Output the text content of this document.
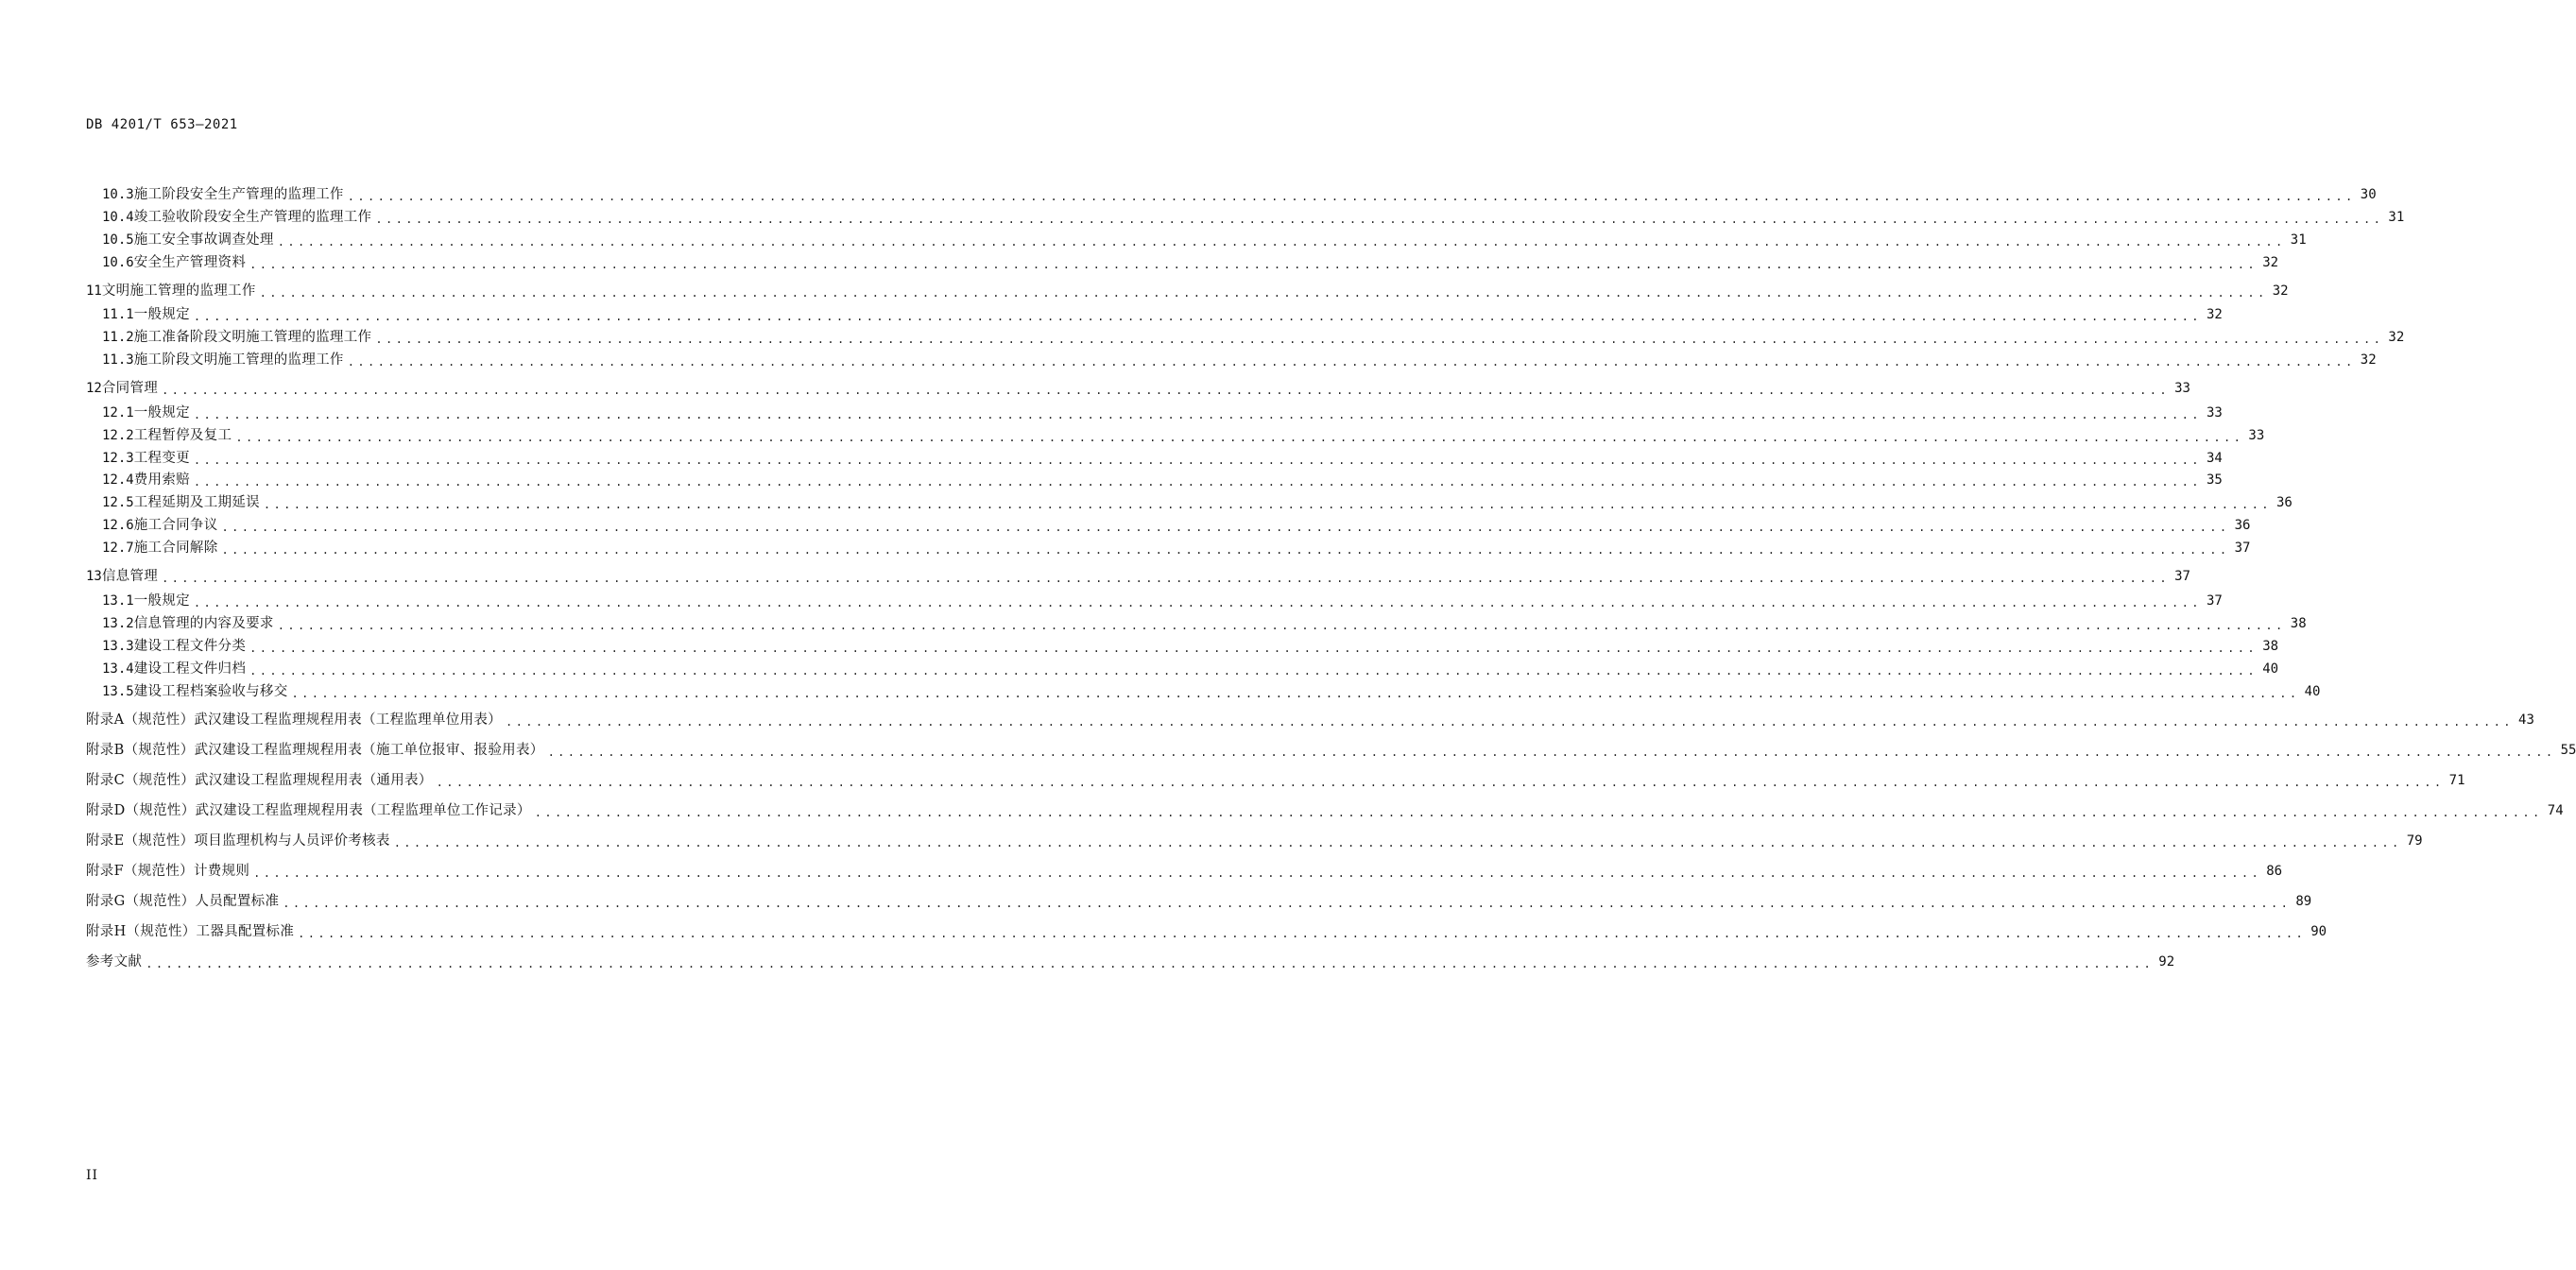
DB 4201/T 653—2021
10.3 施工阶段安全生产管理的监理工作 ........................................................................................................................................................................................................ 30
10.4 竣工验收阶段安全生产管理的监理工作 ........................................................................................................................................................................................................ 31
10.5 施工安全事故调查处理 ........................................................................................................................................................................................................ 31
10.6 安全生产管理资料 ........................................................................................................................................................................................................ 32
11 文明施工管理的监理工作 ........................................................................................................................................................................................................ 32
11.1 一般规定 ........................................................................................................................................................................................................ 32
11.2 施工准备阶段文明施工管理的监理工作 ........................................................................................................................................................................................................ 32
11.3 施工阶段文明施工管理的监理工作 ........................................................................................................................................................................................................ 32
12 合同管理 ........................................................................................................................................................................................................ 33
12.1 一般规定 ........................................................................................................................................................................................................ 33
12.2 工程暂停及复工 ........................................................................................................................................................................................................ 33
12.3 工程变更 ........................................................................................................................................................................................................ 34
12.4 费用索赔 ........................................................................................................................................................................................................ 35
12.5 工程延期及工期延误 ........................................................................................................................................................................................................ 36
12.6 施工合同争议 ........................................................................................................................................................................................................ 36
12.7 施工合同解除 ........................................................................................................................................................................................................ 37
13 信息管理 ........................................................................................................................................................................................................ 37
13.1 一般规定 ........................................................................................................................................................................................................ 37
13.2 信息管理的内容及要求 ........................................................................................................................................................................................................ 38
13.3 建设工程文件分类 ........................................................................................................................................................................................................ 38
13.4 建设工程文件归档 ........................................................................................................................................................................................................ 40
13.5 建设工程档案验收与移交 ........................................................................................................................................................................................................ 40
附录A（规范性） 武汉建设工程监理规程用表（工程监理单位用表） ........................................................................................................................................................................................................ 43
附录B（规范性） 武汉建设工程监理规程用表（施工单位报审、报验用表） ........................................................................................................................................................................................................ 55
附录C（规范性） 武汉建设工程监理规程用表（通用表） ........................................................................................................................................................................................................ 71
附录D（规范性） 武汉建设工程监理规程用表（工程监理单位工作记录） ........................................................................................................................................................................................................ 74
附录E（规范性） 项目监理机构与人员评价考核表 ........................................................................................................................................................................................................ 79
附录F（规范性） 计费规则 ........................................................................................................................................................................................................ 86
附录G（规范性） 人员配置标准 ........................................................................................................................................................................................................ 89
附录H（规范性） 工器具配置标准 ........................................................................................................................................................................................................ 90
参考文献 ........................................................................................................................................................................................................ 92
II
